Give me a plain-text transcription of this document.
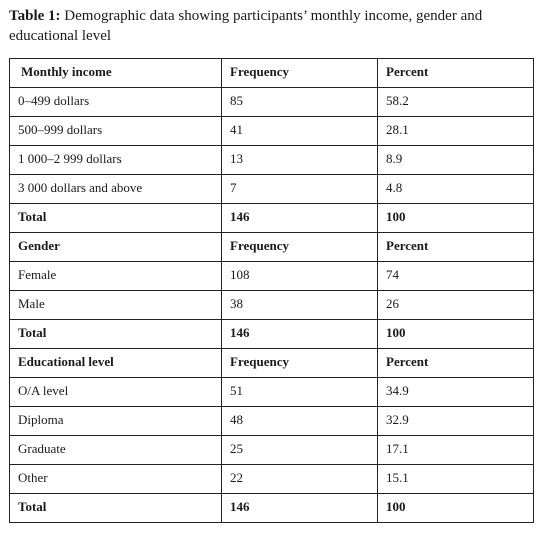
Table 1: Demographic data showing participants’ monthly income, gender and educational level
Monthly income	Frequency	Percent
0–499 dollars	85	58.2
500–999 dollars	41	28.1
1 000–2 999 dollars	13	8.9
3 000 dollars and above	7	4.8
Total	146	100
Gender	Frequency	Percent
Female	108	74
Male	38	26
Total	146	100
Educational level	Frequency	Percent
O/A level	51	34.9
Diploma	48	32.9
Graduate	25	17.1
Other	22	15.1
Total	146	100
